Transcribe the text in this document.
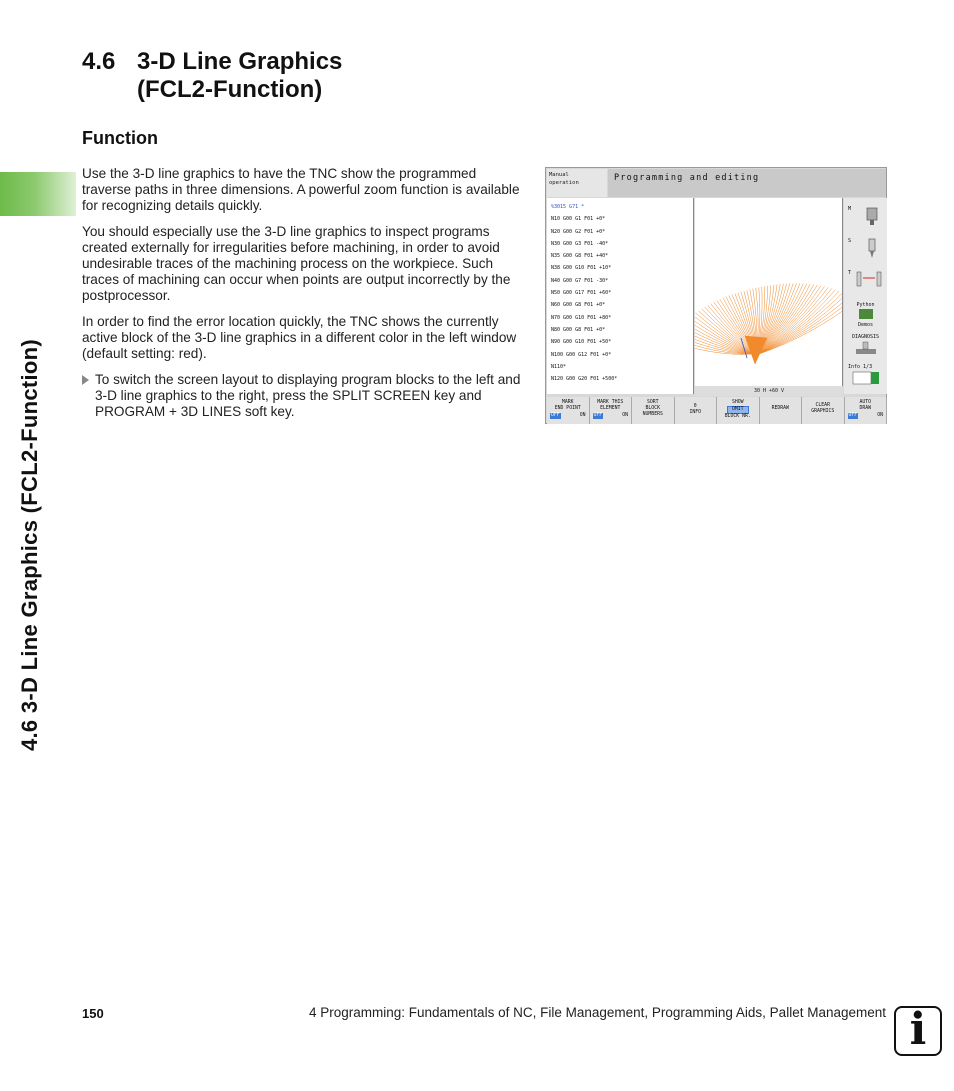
4.6 3-D Line Graphics (FCL2-Function)
4.6 3-D Line Graphics
(FCL2-Function)
Function

Use the 3-D line graphics to have the TNC show the programmed traverse paths in three dimensions. A powerful zoom function is available for recognizing details quickly.

You should especially use the 3-D line graphics to inspect programs created externally for irregularities before machining, in order to avoid undesirable traces of the machining process on the workpiece. Such traces of machining can occur when points are output incorrectly by the postprocessor.

In order to find the error location quickly, the TNC shows the currently active block of the 3-D line graphics in a different color in the left window (default setting: red).

To switch the screen layout to displaying program blocks to the left and 3-D line graphics to the right, press the SPLIT SCREEN key and PROGRAM + 3D LINES soft key.
Manual
operation	Programming and editing
%3015 G71 *
N10 G00 G1 F01 +0*
N20 G00 G2 F01 +0*
N30 G00 G3 F01 -40*
N35 G00 G8 F01 +40*
N38 G00 G10 F01 +10*
N40 G00 G7 F01 -30*
N50 G00 G17 F01 +60*
N60 G00 G8 F01 +0*
N70 G00 G10 F01 +80*
N80 G00 G8 F01 +0*
N90 G00 G10 F01 +50*
N100 G00 G12 F01 +0*
N110*
N120 G00 G20 F01 +500*
30 H +60 V
M
S
T
Python
Demos
DIAGNOSIS
Info 1/3
MARK
END POINT
OFF	ON
MARK THIS
ELEMENT
OFF	ON
SORT
BLOCK
NUMBERS
0
INFO
SHOW
OMIT
BLOCK NR.
REDRAW
CLEAR
GRAPHICS
AUTO
DRAW
OFF	ON
150	4 Programming: Fundamentals of NC, File Management, Programming Aids, Pallet Management i
